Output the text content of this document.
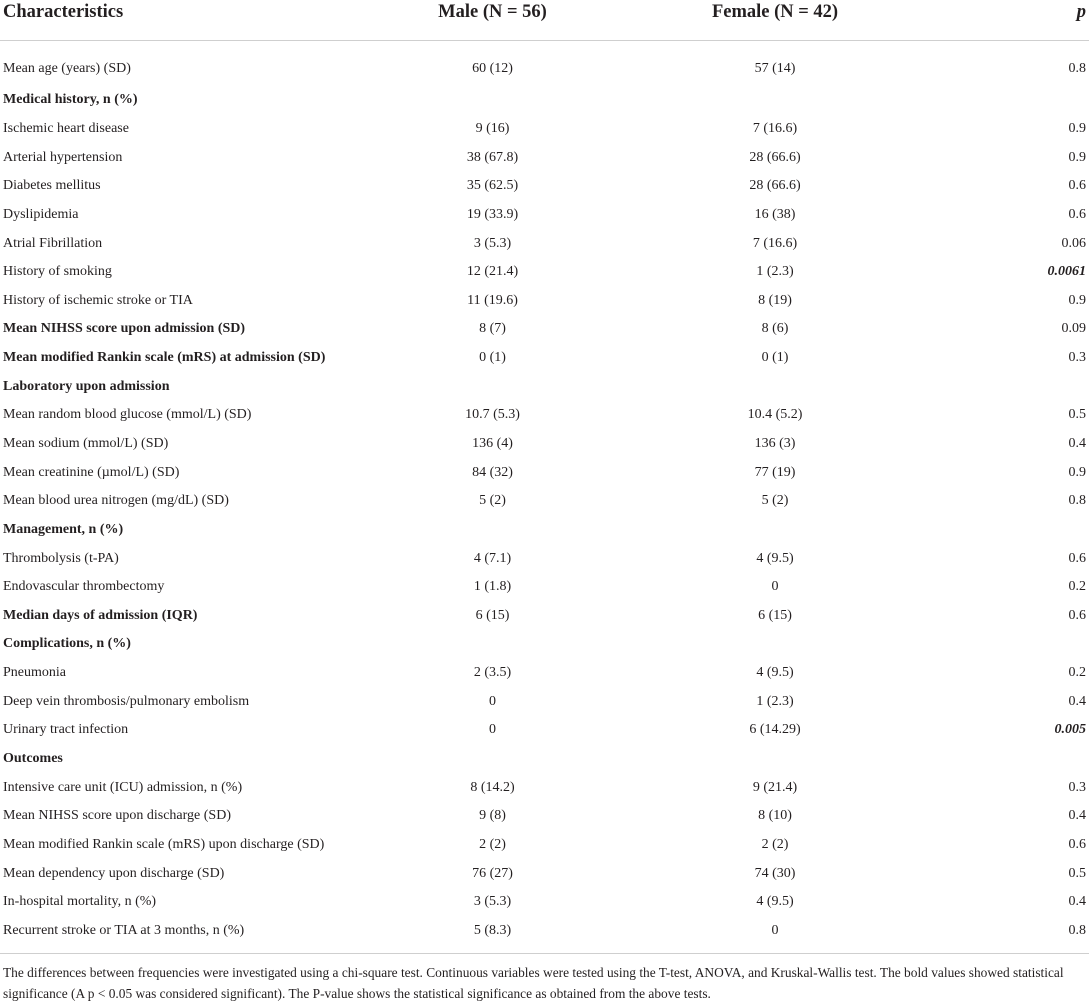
Characteristics	Male (N = 56)	Female (N = 42)	p
Mean age (years) (SD)	60 (12)	57 (14)	0.8
Medical history, n (%)			
Ischemic heart disease	9 (16)	7 (16.6)	0.9
Arterial hypertension	38 (67.8)	28 (66.6)	0.9
Diabetes mellitus	35 (62.5)	28 (66.6)	0.6
Dyslipidemia	19 (33.9)	16 (38)	0.6
Atrial Fibrillation	3 (5.3)	7 (16.6)	0.06
History of smoking	12 (21.4)	1 (2.3)	0.0061
History of ischemic stroke or TIA	11 (19.6)	8 (19)	0.9
Mean NIHSS score upon admission (SD)	8 (7)	8 (6)	0.09
Mean modified Rankin scale (mRS) at admission (SD)	0 (1)	0 (1)	0.3
Laboratory upon admission			
Mean random blood glucose (mmol/L) (SD)	10.7 (5.3)	10.4 (5.2)	0.5
Mean sodium (mmol/L) (SD)	136 (4)	136 (3)	0.4
Mean creatinine (µmol/L) (SD)	84 (32)	77 (19)	0.9
Mean blood urea nitrogen (mg/dL) (SD)	5 (2)	5 (2)	0.8
Management, n (%)			
Thrombolysis (t-PA)	4 (7.1)	4 (9.5)	0.6
Endovascular thrombectomy	1 (1.8)	0	0.2
Median days of admission (IQR)	6 (15)	6 (15)	0.6
Complications, n (%)			
Pneumonia	2 (3.5)	4 (9.5)	0.2
Deep vein thrombosis/pulmonary embolism	0	1 (2.3)	0.4
Urinary tract infection	0	6 (14.29)	0.005
Outcomes			
Intensive care unit (ICU) admission, n (%)	8 (14.2)	9 (21.4)	0.3
Mean NIHSS score upon discharge (SD)	9 (8)	8 (10)	0.4
Mean modified Rankin scale (mRS) upon discharge (SD)	2 (2)	2 (2)	0.6
Mean dependency upon discharge (SD)	76 (27)	74 (30)	0.5
In-hospital mortality, n (%)	3 (5.3)	4 (9.5)	0.4
Recurrent stroke or TIA at 3 months, n (%)	5 (8.3)	0	0.8
The differences between frequencies were investigated using a chi-square test. Continuous variables were tested using the T-test, ANOVA, and Kruskal-Wallis test. The bold values showed statistical significance (A p < 0.05 was considered significant). The P-value shows the statistical significance as obtained from the above tests.
